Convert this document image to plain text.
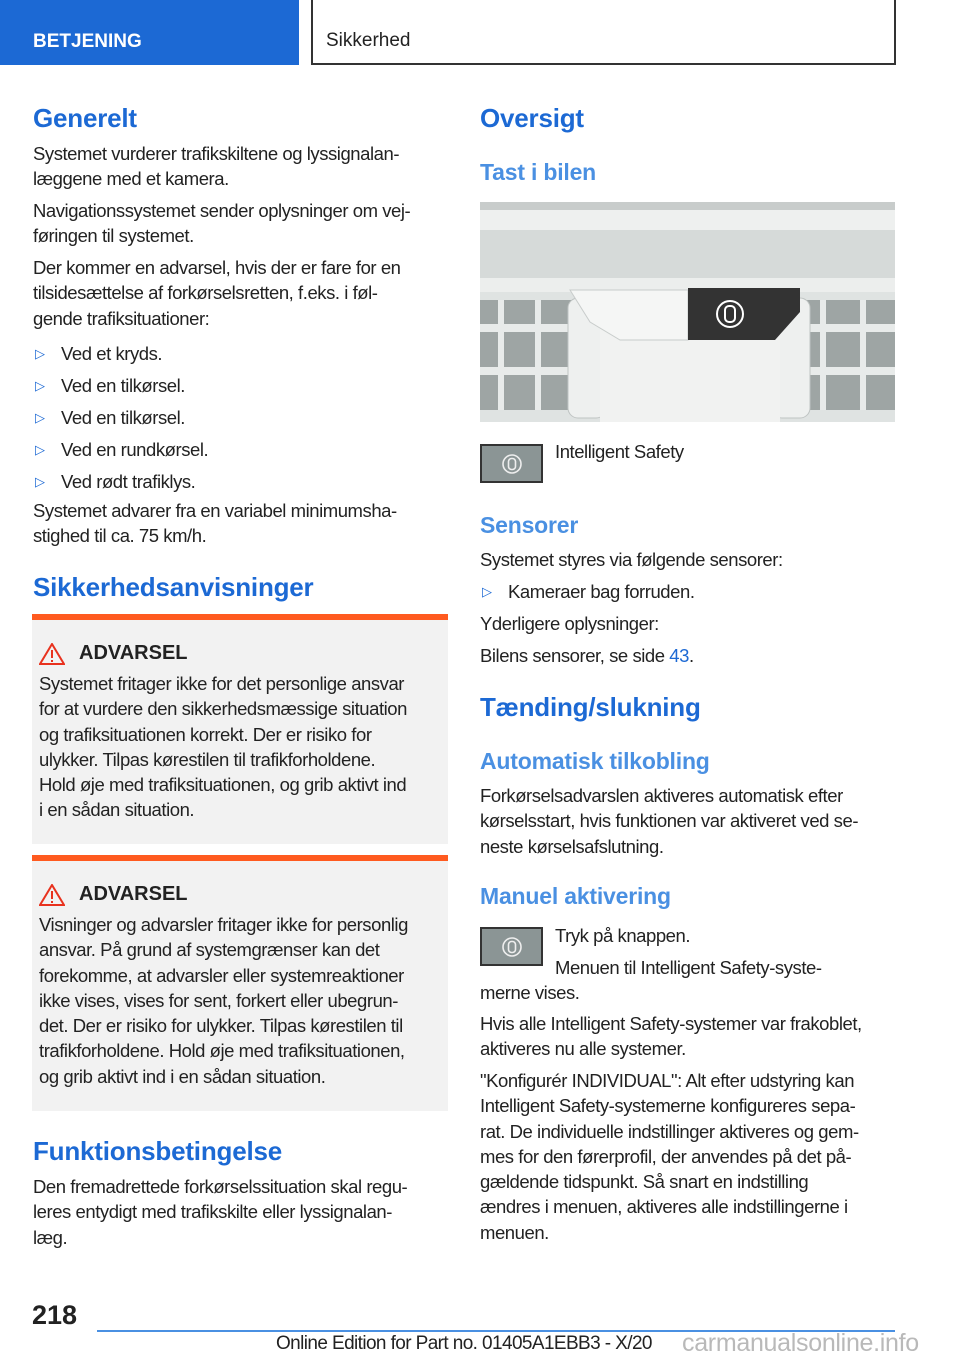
BETJENING	Sikkerhed
Generelt
Systemet vurderer trafikskiltene og lyssignalan-
læggene med et kamera.
Navigationssystemet sender oplysninger om vej-
føringen til systemet.
Der kommer en advarsel, hvis der er fare for en
tilsidesættelse af forkørselsretten, f.eks. i føl-
gende trafiksituationer:
▷ Ved et kryds.
▷ Ved en tilkørsel.
▷ Ved en tilkørsel.
▷ Ved en rundkørsel.
▷ Ved rødt trafiklys.
Systemet advarer fra en variabel minimumsha-
stighed til ca. 75 km/h.
Sikkerhedsanvisninger
ADVARSEL
Systemet fritager ikke for det personlige ansvar
for at vurdere den sikkerhedsmæssige situation
og trafiksituationen korrekt. Der er risiko for
ulykker. Tilpas kørestilen til trafikforholdene.
Hold øje med trafiksituationen, og grib aktivt ind
i en sådan situation.
ADVARSEL
Visninger og advarsler fritager ikke for personlig
ansvar. På grund af systemgrænser kan det
forekomme, at advarsler eller systemreaktioner
ikke vises, vises for sent, forkert eller ubegrun-
det. Der er risiko for ulykker. Tilpas kørestilen til
trafikforholdene. Hold øje med trafiksituationen,
og grib aktivt ind i en sådan situation.
Funktionsbetingelse
Den fremadrettede forkørselssituation skal regu-
leres entydigt med trafikskilte eller lyssignalan-
læg.
Oversigt
Tast i bilen
Intelligent Safety
Sensorer
Systemet styres via følgende sensorer:
▷ Kameraer bag forruden.
Yderligere oplysninger:
Bilens sensorer, se side 43.
Tænding/slukning
Automatisk tilkobling
Forkørselsadvarslen aktiveres automatisk efter
kørselsstart, hvis funktionen var aktiveret ved se-
neste kørselsafslutning.
Manuel aktivering
Tryk på knappen.
Menuen til Intelligent Safety-syste-
merne vises.
Hvis alle Intelligent Safety-systemer var frakoblet,
aktiveres nu alle systemer.
"Konfigurér INDIVIDUAL": Alt efter udstyring kan
Intelligent Safety-systemerne konfigureres sepa-
rat. De individuelle indstillinger aktiveres og gem-
mes for den førerprofil, der anvendes på det på-
gældende tidspunkt. Så snart en indstilling
ændres i menuen, aktiveres alle indstillingerne i
menuen.
218
Online Edition for Part no. 01405A1EBB3 - X/20 carmanualsonline.info
